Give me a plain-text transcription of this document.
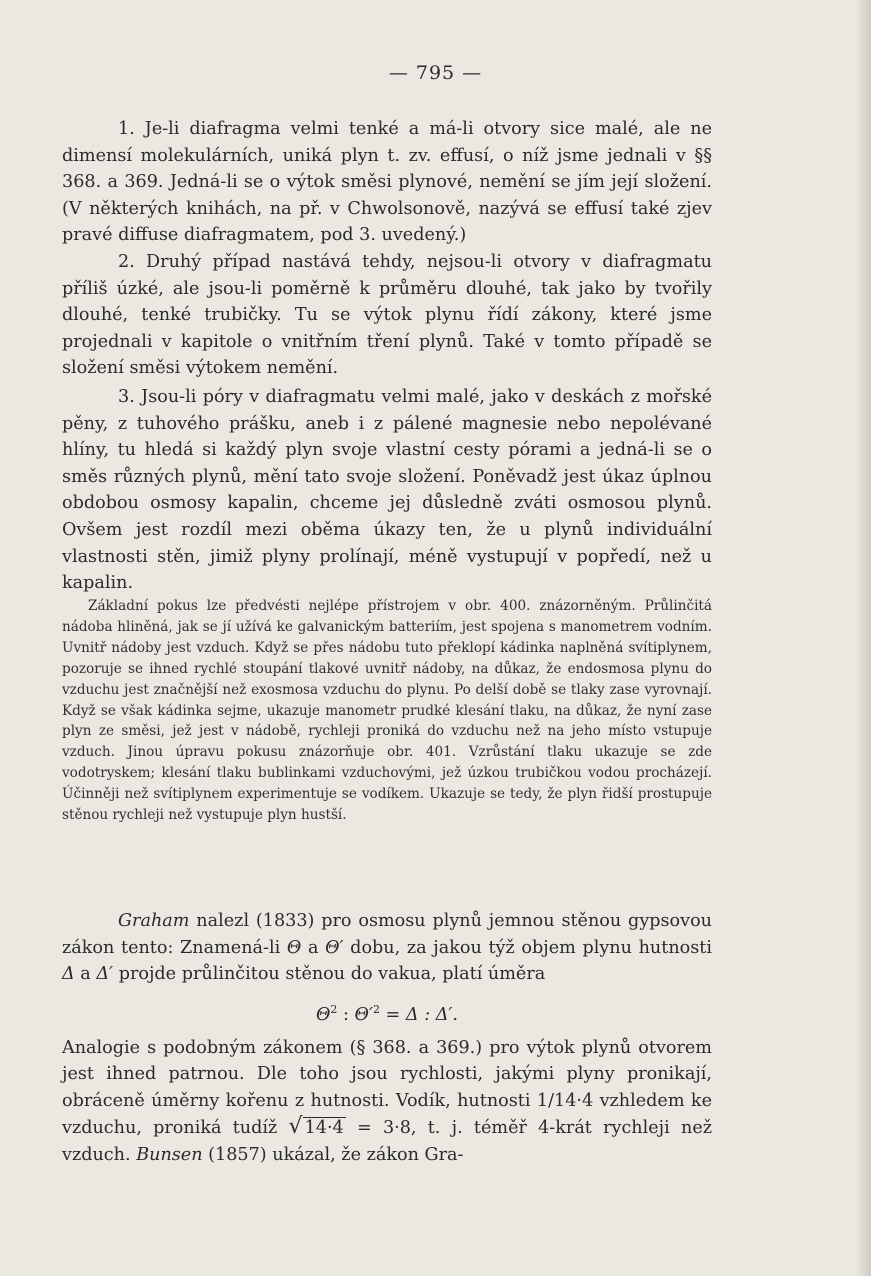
— 795 —

1. Je-li diafragma velmi tenké a má-li otvory sice malé, ale ne dimensí molekulárních, uniká plyn t. zv. effusí, o níž jsme jednali v §§ 368. a 369. Jedná-li se o výtok směsi plynové, nemění se jím její složení. (V některých knihách, na př. v Chwolsonově, nazývá se effusí také zjev pravé diffuse diafragmatem, pod 3. uvedený.)

2. Druhý případ nastává tehdy, nejsou-li otvory v diafragmatu příliš úzké, ale jsou-li poměrně k průměru dlouhé, tak jako by tvořily dlouhé, tenké trubičky. Tu se výtok plynu řídí zákony, které jsme projednali v kapitole o vnitřním tření plynů. Také v tomto případě se složení směsi výtokem nemění.

3. Jsou-li póry v diafragmatu velmi malé, jako v deskách z mořské pěny, z tuhového prášku, aneb i z pálené magnesie nebo nepolévané hlíny, tu hledá si každý plyn svoje vlastní cesty pórami a jedná-li se o směs různých plynů, mění tato svoje složení. Poněvadž jest úkaz úplnou obdobou osmosy kapalin, chceme jej důsledně zváti osmosou plynů. Ovšem jest rozdíl mezi oběma úkazy ten, že u plynů individuální vlastnosti stěn, jimiž plyny prolínají, méně vystupují v popředí, než u kapalin.

Základní pokus lze předvésti nejlépe přístrojem v obr. 400. znázorněným. Průlinčitá nádoba hliněná, jak se jí užívá ke galvanickým batteriím, jest spojena s manometrem vodním. Uvnitř nádoby jest vzduch. Když se přes nádobu tuto překlopí kádinka naplněná svítiplynem, pozoruje se ihned rychlé stoupání tlakové uvnitř nádoby, na důkaz, že endosmosa plynu do vzduchu jest značnější než exosmosa vzduchu do plynu. Po delší době se tlaky zase vyrovnají. Když se však kádinka sejme, ukazuje manometr prudké klesání tlaku, na důkaz, že nyní zase plyn ze směsi, jež jest v nádobě, rychleji proniká do vzduchu než na jeho místo vstupuje vzduch. Jinou úpravu pokusu znázorňuje obr. 401. Vzrůstání tlaku ukazuje se zde vodotryskem; klesání tlaku bublinkami vzduchovými, jež úzkou trubičkou vodou procházejí. Účinněji než svítiplynem experimentuje se vodíkem. Ukazuje se tedy, že plyn řidší prostupuje stěnou rychleji než vystupuje plyn hustší.

Graham nalezl (1833) pro osmosu plynů jemnou stěnou gypsovou zákon tento: Znamená-li Θ a Θ′ dobu, za jakou týž objem plynu hutnosti Δ a Δ′ projde průlinčitou stěnou do vakua, platí úměra

$\Theta^2$ : $\Theta'^2 = \Delta$ : Δ′.

Analogie s podobným zákonem (§ 368. a 369.) pro výtok plynů otvorem jest ihned patrnou. Dle toho jsou rychlosti, jakými plyny pronikají, obráceně úměrny kořenu z hutnosti. Vodík, hutnosti 1/14·4 vzhledem ke vzduchu, proniká tudíž √ 14·4 = 3·8, t. j. téměř 4-krát rychleji než vzduch. Bunsen (1857) ukázal, že zákon Gra-
